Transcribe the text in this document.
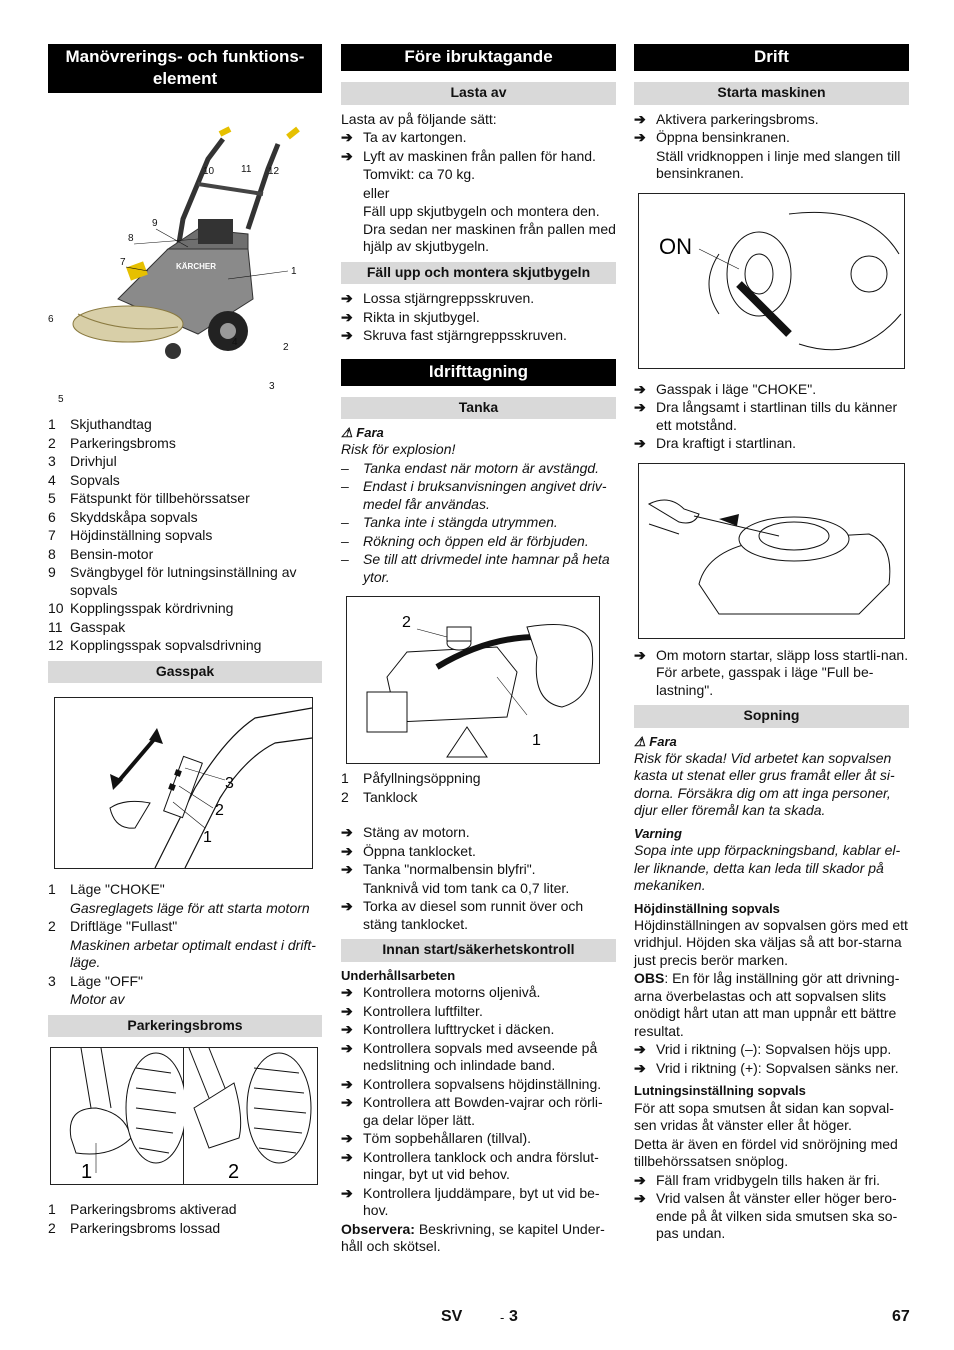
Manövrerings- och funktions-element
KÄRCHER
10	11 12
9
8
7
1
6
2
3
5
4
1	Skjuthandtag
2	Parkeringsbroms
3	Drivhjul
4	Sopvals
5	Fätspunkt för tillbehörssatser
6	Skyddskåpa sopvals
7	Höjdinställning sopvals
8	Bensin-motor
9	Svängbygel för lutningsinställning av sopvals
10 Kopplingsspak kördrivning
11 Gasspak
12 Kopplingsspak sopvalsdrivning
Gasspak
3
2
1
1	Läge "CHOKE"
Gasreglagets läge för att starta motorn
2	Driftläge "Fullast"
Maskinen arbetar optimalt endast i drift-läge.
3	Läge "OFF"
Motor av
Parkeringsbroms
1	2
1	Parkeringsbroms aktiverad
2	Parkeringsbroms lossad
Före ibruktagande
Lasta av

Lasta av på följande sätt:

➔ Ta av kartongen.
➔ Lyft av maskinen från pallen för hand.

Tomvikt: ca 70 kg.

eller

Fäll upp skjutbygeln och montera den. Dra sedan ner maskinen från pallen med hjälp av skjutbygeln.

Fäll upp och montera skjutbygeln
➔ Lossa stjärngreppsskruven.
➔ Rikta in skjutbygel.
➔ Skruva fast stjärngreppsskruven.
Idrifttagning
Tanka
⚠ Fara

Risk för explosion!

–	Tanka endast när motorn är avstängd.
–	Endast i bruksanvisningen angivet driv-medel får användas.
–	Tanka inte i stängda utrymmen.
–	Rökning och öppen eld är förbjuden.
–	Se till att drivmedel inte hamnar på heta ytor.
2
1
1	Påfyllningsöppning
2	Tanklock
➔ Stäng av motorn.
➔ Öppna tanklocket.
➔ Tanka "normalbensin blyfri".

Tanknivå vid tom tank ca 0,7 liter.

➔ Torka av diesel som runnit över och stäng tanklocket.
Innan start/säkerhetskontroll
Underhållsarbeten
➔ Kontrollera motorns oljenivå.
➔ Kontrollera luftfilter.
➔ Kontrollera lufttrycket i däcken.
➔ Kontrollera sopvals med avseende på nedslitning och inlindade band.
➔ Kontrollera sopvalsens höjdinställning.
➔ Kontrollera att Bowden-vajrar och rörli-ga delar löper lätt.
➔ Töm sopbehållaren (tillval).
➔ Kontrollera tanklock och andra förslut-ningar, byt ut vid behov.
➔ Kontrollera ljuddämpare, byt ut vid be-hov.

Observera: Beskrivning, se kapitel Under-håll och skötsel.

Drift
Starta maskinen
➔ Aktivera parkeringsbroms.
➔ Öppna bensinkranen.

Ställ vridknoppen i linje med slangen till bensinkranen.

ON
➔ Gasspak i läge "CHOKE".
➔ Dra långsamt i startlinan tills du känner ett motstånd.
➔ Dra kraftigt i startlinan.
➔ Om motorn startar, släpp loss startli-nan. För arbete, gasspak i läge "Full be-lastning".
Sopning
⚠ Fara

Risk för skada! Vid arbetet kan sopvalsen kasta ut stenat eller grus framåt eller åt si-dorna. Försäkra dig om att inga personer, djur eller föremål kan ta skada.

Varning

Sopa inte upp förpackningsband, kablar el-ler liknande, detta kan leda till skador på mekaniken.

Höjdinställning sopvals

Höjdinställningen av sopvalsen görs med ett vridhjul. Höjden ska väljas så att bor-starna just precis berör marken.

OBS: En för låg inställning gör att drivning-arna överbelastas och att sopvalsen slits onödigt hårt utan att man uppnår ett bättre resultat.

➔ Vrid i riktning (–): Sopvalsen höjs upp.
➔ Vrid i riktning (+): Sopvalsen sänks ner.
Lutningsinställning sopvals

För att sopa smutsen åt sidan kan sopval-sen vridas åt vänster eller åt höger.

Detta är även en fördel vid snöröjning med tillbehörssatsen snöplog.

➔ Fäll fram vridbygeln tills haken är fri.
➔ Vrid valsen åt vänster eller höger bero-ende på åt vilken sida smutsen ska so-pas undan.
SV	- 3	67
